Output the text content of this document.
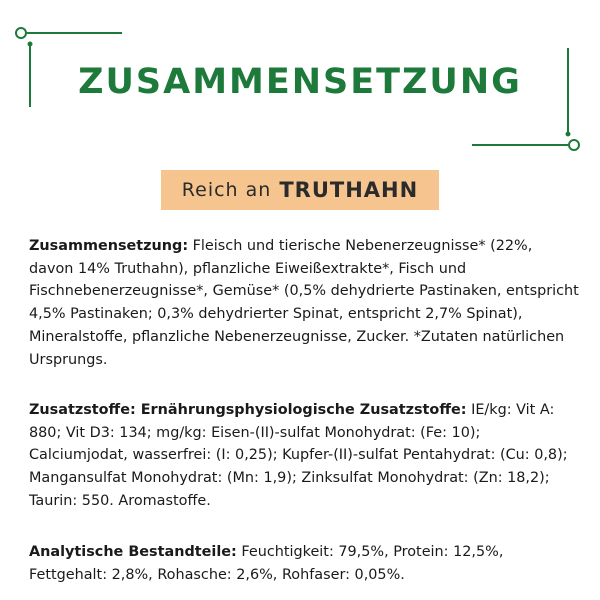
ZUSAMMENSETZUNG
Reich an TRUTHAHN
Zusammensetzung: Fleisch und tierische Nebenerzeugnisse* (22%, davon 14% Truthahn), pflanzliche Eiweißextrakte*, Fisch und Fischnebenerzeugnisse*, Gemüse* (0,5% dehydrierte Pastinaken, entspricht 4,5% Pastinaken; 0,3% dehydrierter Spinat, entspricht 2,7% Spinat), Mineralstoffe, pflanzliche Nebenerzeugnisse, Zucker. *Zutaten natürlichen Ursprungs.
Zusatzstoffe: Ernährungsphysiologische Zusatzstoffe: IE/kg: Vit A: 880; Vit D3: 134; mg/kg: Eisen-(II)-sulfat Monohydrat: (Fe: 10); Calciumjodat, wasserfrei: (I: 0,25); Kupfer-(II)-sulfat Pentahydrat: (Cu: 0,8); Mangansulfat Monohydrat: (Mn: 1,9); Zinksulfat Monohydrat: (Zn: 18,2); Taurin: 550. Aromastoffe.
Analytische Bestandteile: Feuchtigkeit: 79,5%, Protein: 12,5%, Fettgehalt: 2,8%, Rohasche: 2,6%, Rohfaser: 0,05%.
